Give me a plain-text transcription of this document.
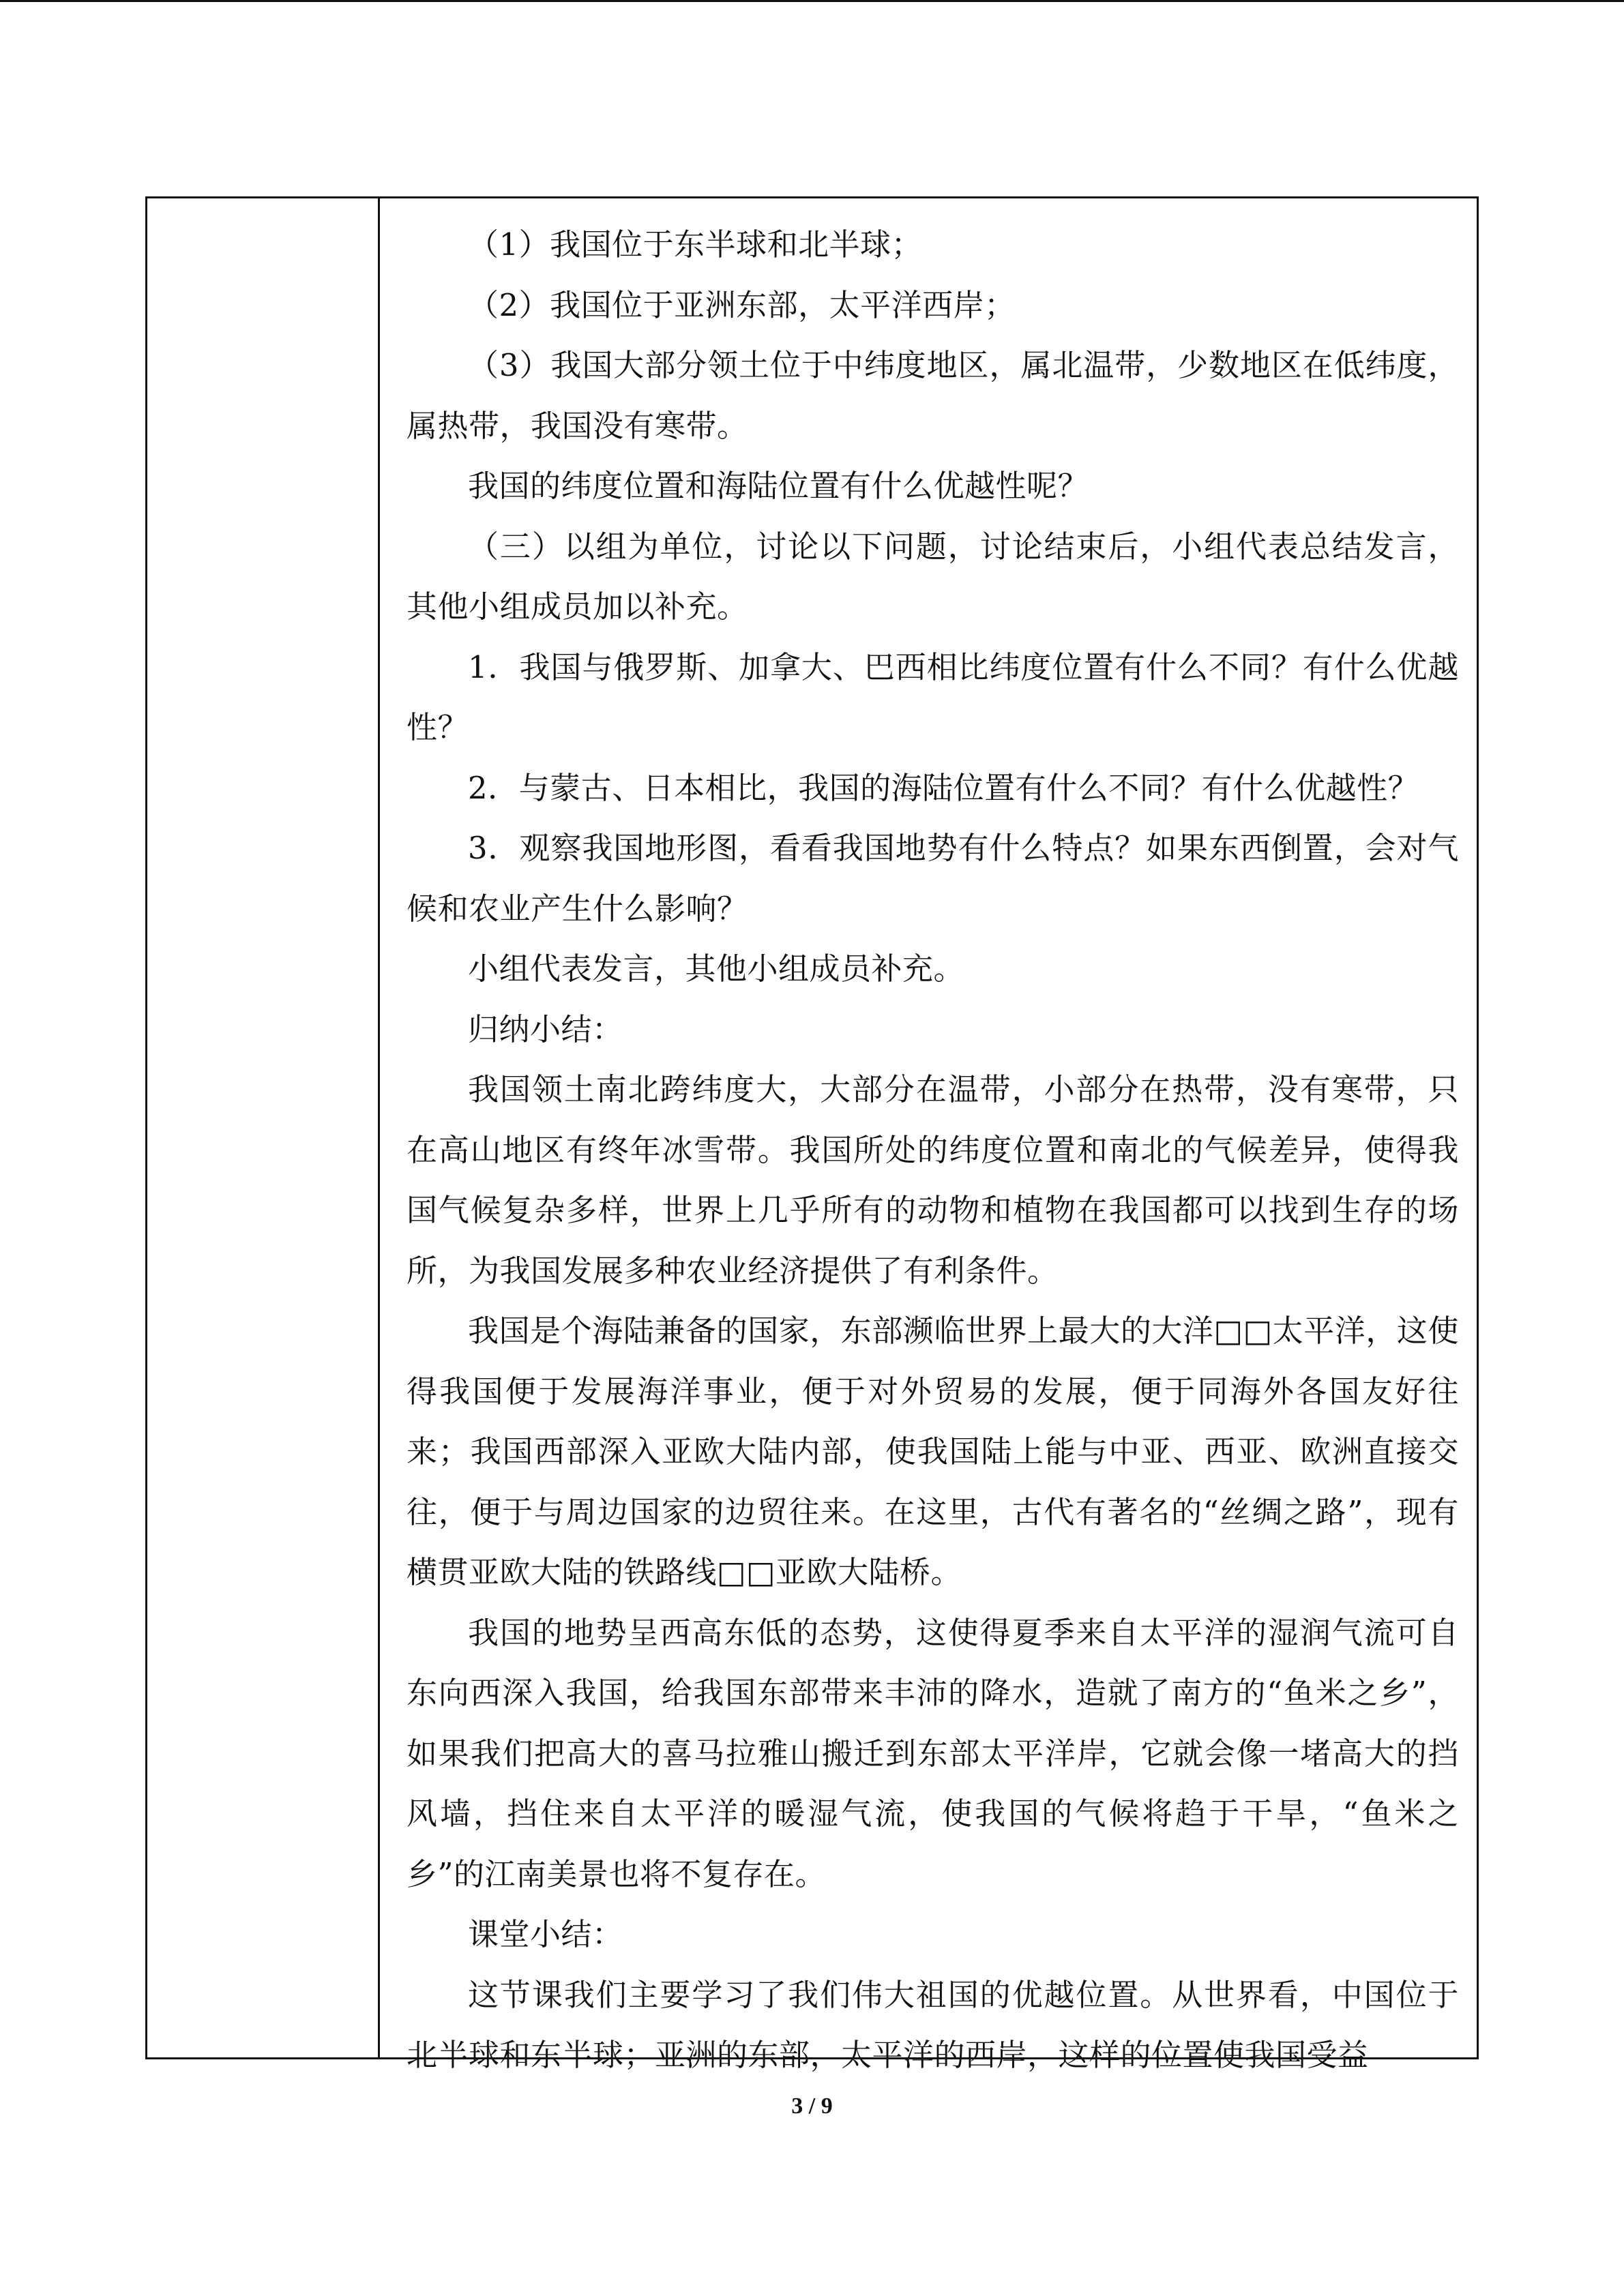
（1）我国位于东半球和北半球；

（2）我国位于亚洲东部，太平洋西岸；

（3）我国大部分领土位于中纬度地区，属北温带，少数地区在低纬度，属热带，我国没有寒带。

我国的纬度位置和海陆位置有什么优越性呢？

（三）以组为单位，讨论以下问题，讨论结束后，小组代表总结发言，其他小组成员加以补充。

1．我国与俄罗斯、加拿大、巴西相比纬度位置有什么不同？有什么优越性？

2．与蒙古、日本相比，我国的海陆位置有什么不同？有什么优越性？

3．观察我国地形图，看看我国地势有什么特点？如果东西倒置，会对气候和农业产生什么影响？

小组代表发言，其他小组成员补充。

归纳小结：

我国领土南北跨纬度大，大部分在温带，小部分在热带，没有寒带，只在高山地区有终年冰雪带。我国所处的纬度位置和南北的气候差异，使得我国气候复杂多样，世界上几乎所有的动物和植物在我国都可以找到生存的场所，为我国发展多种农业经济提供了有利条件。

我国是个海陆兼备的国家，东部濒临世界上最大的大洋□□太平洋，这使得我国便于发展海洋事业，便于对外贸易的发展，便于同海外各国友好往来；我国西部深入亚欧大陆内部，使我国陆上能与中亚、西亚、欧洲直接交往，便于与周边国家的边贸往来。在这里，古代有著名的“丝绸之路”，现有横贯亚欧大陆的铁路线□□亚欧大陆桥。

我国的地势呈西高东低的态势，这使得夏季来自太平洋的湿润气流可自东向西深入我国，给我国东部带来丰沛的降水，造就了南方的“鱼米之乡”，如果我们把高大的喜马拉雅山搬迁到东部太平洋岸，它就会像一堵高大的挡风墙，挡住来自太平洋的暖湿气流，使我国的气候将趋于干旱，“鱼米之乡”的江南美景也将不复存在。

课堂小结：

这节课我们主要学习了我们伟大祖国的优越位置。从世界看，中国位于北半球和东半球；亚洲的东部，太平洋的西岸，这样的位置使我国受益

3 / 9
